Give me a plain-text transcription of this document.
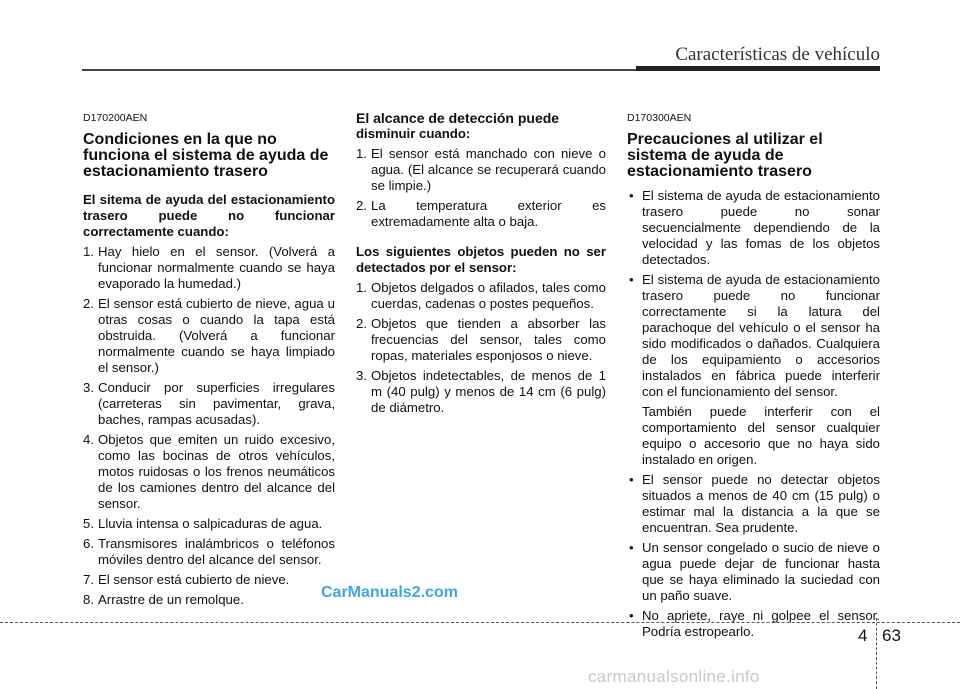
Características de vehículo
D170200AEN
Condiciones en la que no funciona el sistema de ayuda de estacionamiento trasero
El sitema de ayuda del estacionamiento trasero puede no funcionar correctamente cuando:
1. Hay hielo en el sensor. (Volverá a funcionar normalmente cuando se haya evaporado la humedad.)
2. El sensor está cubierto de nieve, agua u otras cosas o cuando la tapa está obstruida. (Volverá a funcionar normalmente cuando se haya limpiado el sensor.)
3. Conducir por superficies irregulares (carreteras sin pavimentar, grava, baches, rampas acusadas).
4. Objetos que emiten un ruido excesivo, como las bocinas de otros vehículos, motos ruidosas o los frenos neumáticos de los camiones dentro del alcance del sensor.
5. Lluvia intensa o salpicaduras de agua.
6. Transmisores inalámbricos o teléfonos móviles dentro del alcance del sensor.
7. El sensor está cubierto de nieve.
8. Arrastre de un remolque.
El alcance de detección puede
disminuir cuando:
1. El sensor está manchado con nieve o agua. (El alcance se recuperará cuando se limpie.)
2. La temperatura exterior es extremadamente alta o baja.
Los siguientes objetos pueden no ser detectados por el sensor:
1. Objetos delgados o afilados, tales como cuerdas, cadenas o postes pequeños.
2. Objetos que tienden a absorber las frecuencias del sensor, tales como ropas, materiales esponjosos o nieve.
3. Objetos indetectables, de menos de 1 m (40 pulg) y menos de 14 cm (6 pulg) de diámetro.
D170300AEN
Precauciones al utilizar el sistema de ayuda de estacionamiento trasero
• El sistema de ayuda de estacionamiento trasero puede no sonar secuencialmente dependiendo de la velocidad y las fomas de los objetos detectados.
• El sistema de ayuda de estacionamiento trasero puede no funcionar correctamente si la latura del parachoque del vehículo o el sensor ha sido modificados o dañados. Cualquiera de los equipamiento o accesorios instalados en fábrica puede interferir con el funcionamiento del sensor.
También puede interferir con el comportamiento del sensor cualquier equipo o accesorio que no haya sido instalado en origen.
• El sensor puede no detectar objetos situados a menos de 40 cm (15 pulg) o estimar mal la distancia a la que se encuentran. Sea prudente.
• Un sensor congelado o sucio de nieve o agua puede dejar de funcionar hasta que se haya eliminado la suciedad con un paño suave.
• No apriete, raye ni golpee el sensor. Podría estropearlo.
CarManuals2.com
4 63
carmanualsonline.info
